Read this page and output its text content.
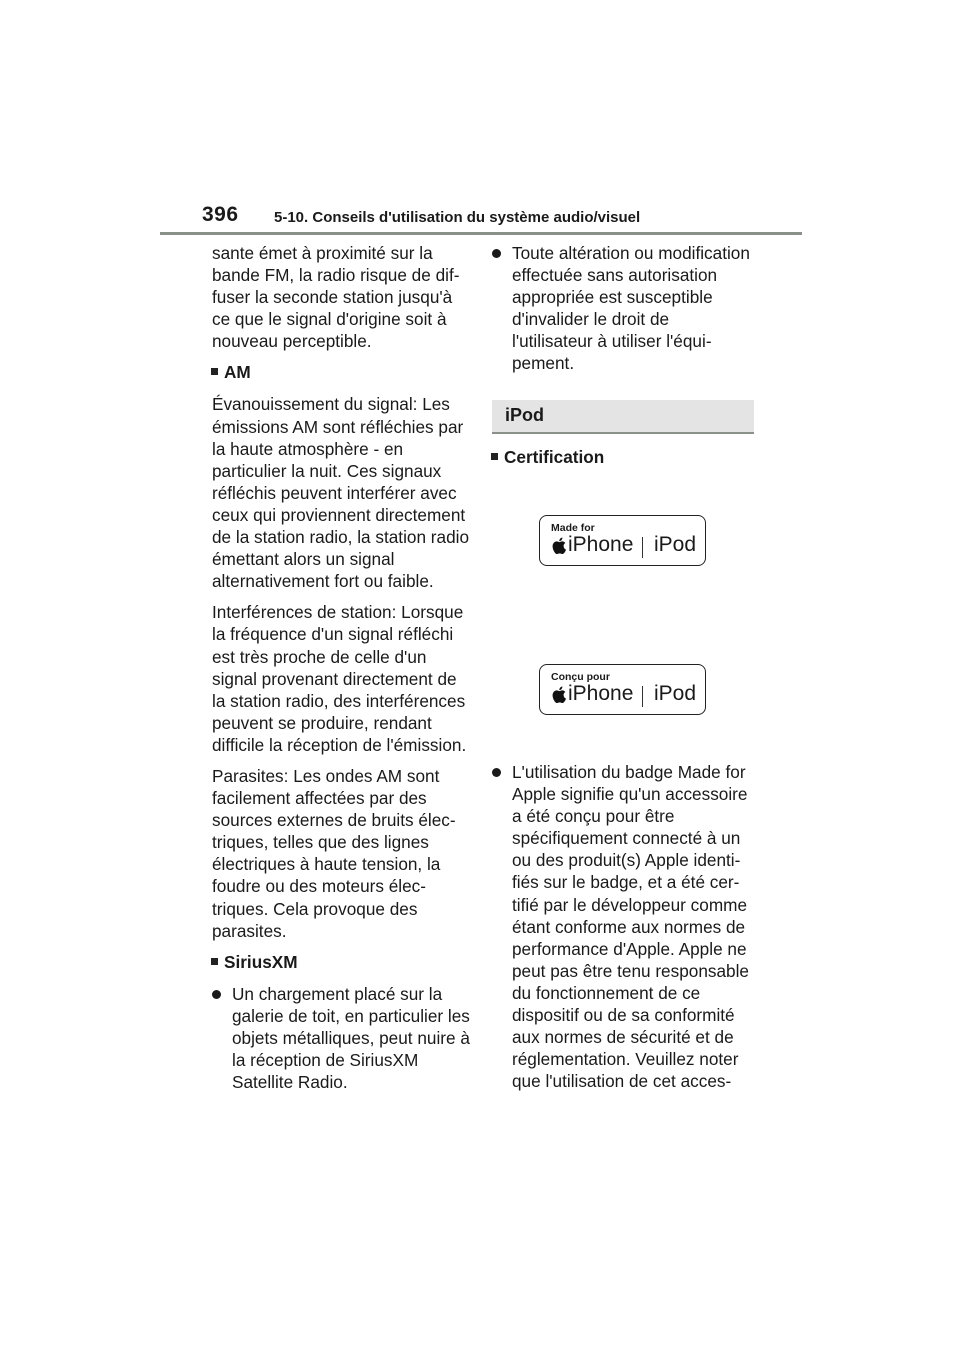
396 5-10. Conseils d'utilisation du système audio/visuel

sante émet à proximité sur la bande FM, la radio risque de diffuser la seconde station jusqu'à ce que le signal d'origine soit à nouveau perceptible.

AM

Évanouissement du signal: Les émissions AM sont réfléchies par la haute atmosphère - en particulier la nuit. Ces signaux réfléchis peuvent interférer avec ceux qui proviennent directement de la station radio, la station radio émettant alors un signal alternativement fort ou faible.

Interférences de station: Lorsque la fréquence d'un signal réfléchi est très proche de celle d'un signal provenant directement de la station radio, des interférences peuvent se produire, rendant difficile la réception de l'émission.

Parasites: Les ondes AM sont facilement affectées par des sources externes de bruits électriques, telles que des lignes électriques à haute tension, la foudre ou des moteurs électriques. Cela provoque des parasites.

SiriusXM

Un chargement placé sur la galerie de toit, en particulier les objets métalliques, peut nuire à la réception de SiriusXM Satellite Radio.

Toute altération ou modification effectuée sans autorisation appropriée est susceptible d'invalider le droit de l'utilisateur à utiliser l'équipement.

iPod
Certification
Made for
iPhone iPod
Conçu pour
iPhone iPod

L'utilisation du badge Made for Apple signifie qu'un accessoire a été conçu pour être spécifiquement connecté à un ou des produit(s) Apple identifiés sur le badge, et a été certifié par le développeur comme étant conforme aux normes de performance d'Apple. Apple ne peut pas être tenu responsable du fonctionnement de ce dispositif ou de sa conformité aux normes de sécurité et de réglementation. Veuillez noter que l'utilisation de cet acces-
